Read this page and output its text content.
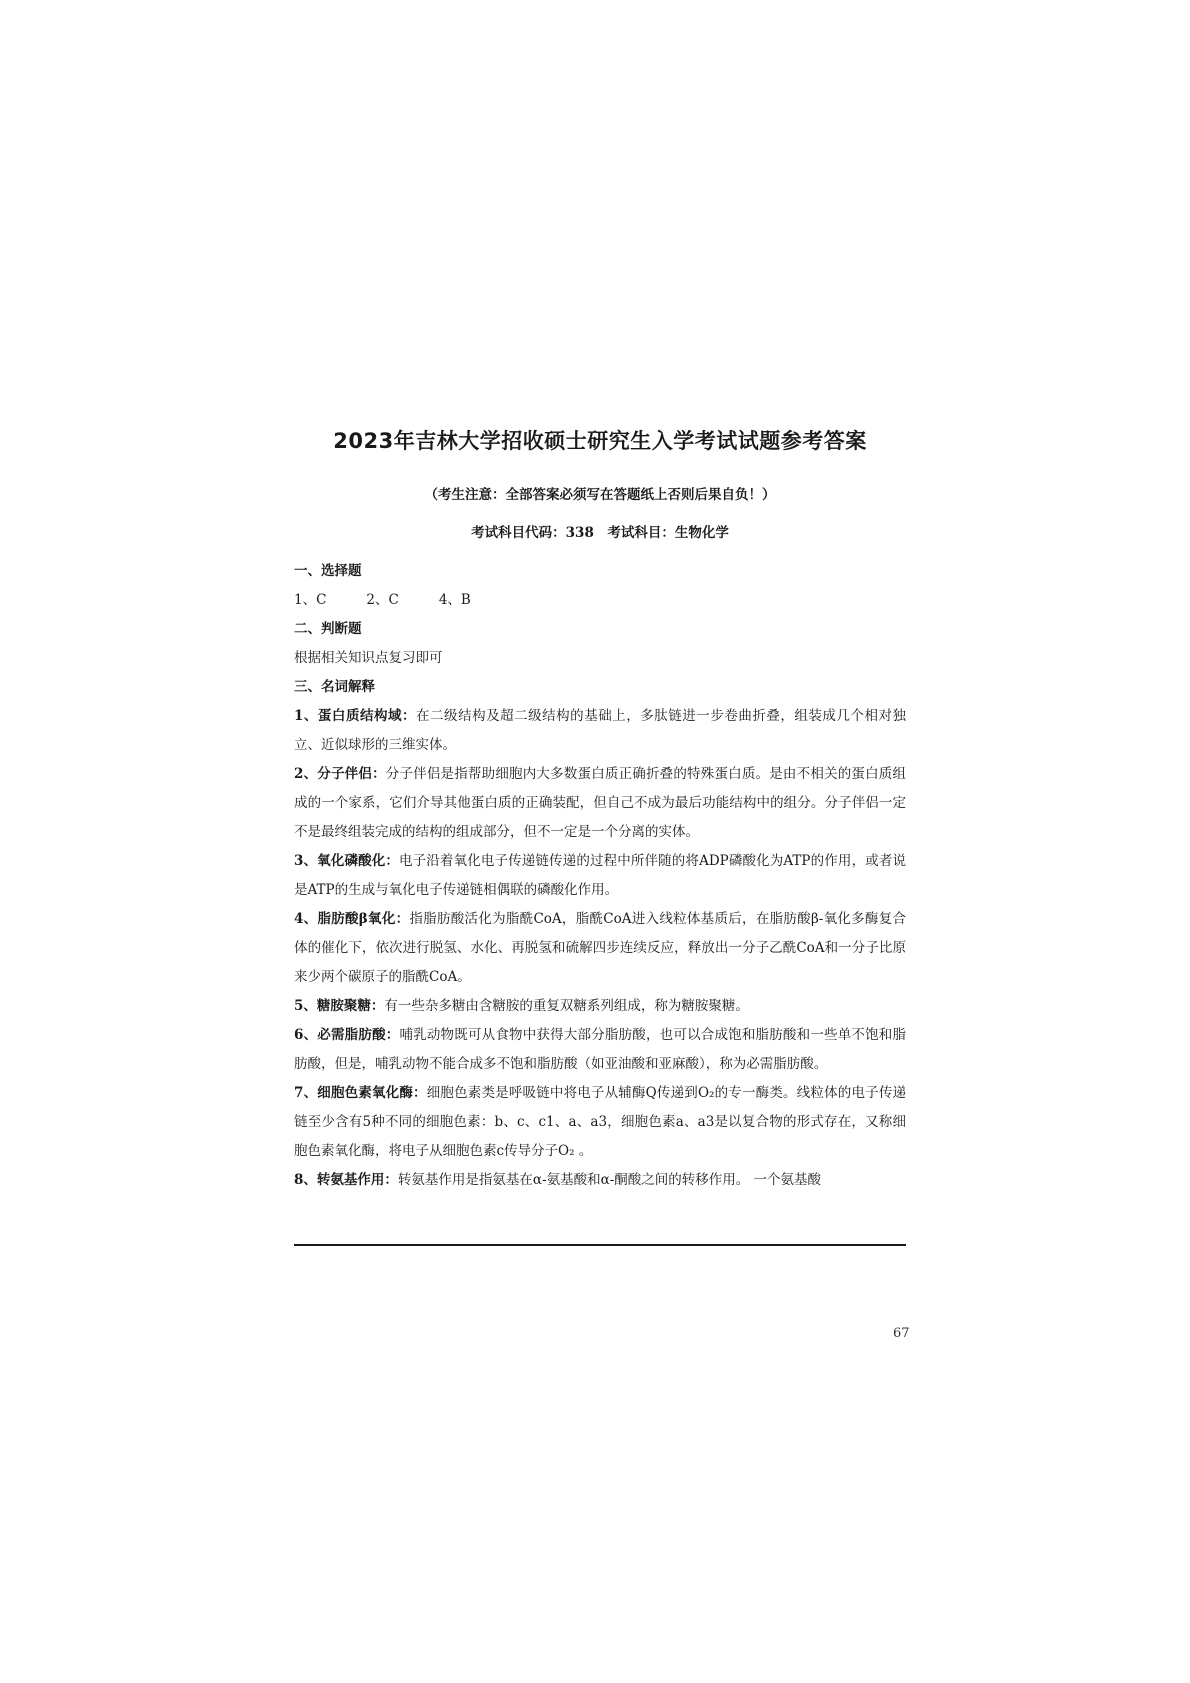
2023年吉林大学招收硕士研究生入学考试试题参考答案

（考生注意：全部答案必须写在答题纸上否则后果自负！）

考试科目代码：338　考试科目：生物化学

一、选择题

1、C	2、C	4、B

二、判断题

根据相关知识点复习即可

三、名词解释

1、蛋白质结构域：在二级结构及超二级结构的基础上，多肽链进一步卷曲折叠，组装成几个相对独立、近似球形的三维实体。

2、分子伴侣：分子伴侣是指帮助细胞内大多数蛋白质正确折叠的特殊蛋白质。是由不相关的蛋白质组成的一个家系，它们介导其他蛋白质的正确装配，但自己不成为最后功能结构中的组分。分子伴侣一定不是最终组装完成的结构的组成部分，但不一定是一个分离的实体。

3、氧化磷酸化：电子沿着氧化电子传递链传递的过程中所伴随的将ADP磷酸化为ATP的作用，或者说是ATP的生成与氧化电子传递链相偶联的磷酸化作用。

4、脂肪酸β氧化：指脂肪酸活化为脂酰CoA，脂酰CoA进入线粒体基质后，在脂肪酸β-氧化多酶复合体的催化下，依次进行脱氢、水化、再脱氢和硫解四步连续反应，释放出一分子乙酰CoA和一分子比原来少两个碳原子的脂酰CoA。

5、糖胺聚糖：有一些杂多糖由含糖胺的重复双糖系列组成，称为糖胺聚糖。

6、必需脂肪酸：哺乳动物既可从食物中获得大部分脂肪酸，也可以合成饱和脂肪酸和一些单不饱和脂肪酸，但是，哺乳动物不能合成多不饱和脂肪酸（如亚油酸和亚麻酸），称为必需脂肪酸。

7、细胞色素氧化酶：细胞色素类是呼吸链中将电子从辅酶Q传递到O₂的专一酶类。线粒体的电子传递链至少含有5种不同的细胞色素：b、c、c1、a、a3，细胞色素a、a3是以复合物的形式存在，又称细胞色素氧化酶，将电子从细胞色素c传导分子O₂ 。

8、转氨基作用：转氨基作用是指氨基在α-氨基酸和α-酮酸之间的转移作用。 一个氨基酸

67
